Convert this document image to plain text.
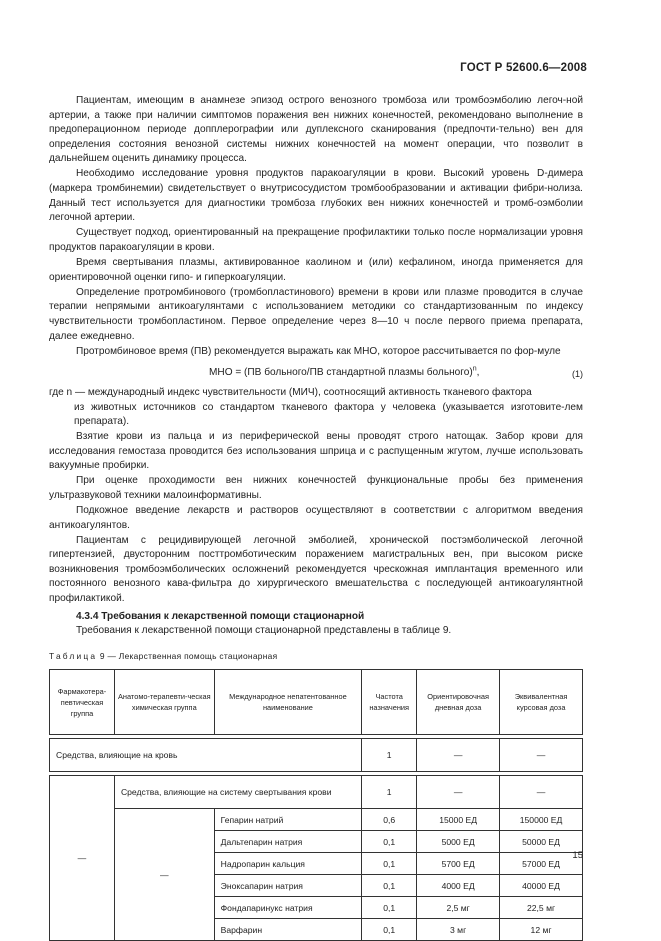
ГОСТ Р 52600.6—2008

Пациентам, имеющим в анамнезе эпизод острого венозного тромбоза или тромбоэмболию легоч-ной артерии, а также при наличии симптомов поражения вен нижних конечностей, рекомендовано выполнение в предоперационном периоде допплерографии или дуплексного сканирования (предпочти-тельно) вен для определения состояния венозной системы нижних конечностей на момент операции, что позволит в дальнейшем оценить динамику процесса.

Необходимо исследование уровня продуктов паракоагуляции в крови. Высокий уровень D-димера (маркера тромбинемии) свидетельствует о внутрисосудистом тромбообразовании и активации фибри-нолиза. Данный тест используется для диагностики тромбоза глубоких вен нижних конечностей и тромб-оэмболии легочной артерии.

Существует подход, ориентированный на прекращение профилактики только после нормализации уровня продуктов паракоагуляции в крови.

Время свертывания плазмы, активированное каолином и (или) кефалином, иногда применяется для ориентировочной оценки гипо- и гиперкоагуляции.

Определение протромбинового (тромбопластинового) времени в крови или плазме проводится в случае терапии непрямыми антикоагулянтами с использованием методики со стандартизованным по индексу чувствительности тромбопластином. Первое определение через 8—10 ч после первого приема препарата, далее ежедневно.

Протромбиновое время (ПВ) рекомендуется выражать как МНО, которое рассчитывается по фор-муле

МНО = (ПВ больного/ПВ стандартной плазмы больного)$^n$,	(1)

где n — международный индекс чувствительности (МИЧ), соотносящий активность тканевого фактора

из животных источников со стандартом тканевого фактора у человека (указывается изготовите-лем препарата).

Взятие крови из пальца и из периферической вены проводят строго натощак. Забор крови для исследования гемостаза проводится без использования шприца и с распущенным жгутом, лучше использовать вакуумные пробирки.

При оценке проходимости вен нижних конечностей функциональные пробы без применения ультразвуковой техники малоинформативны.

Подкожное введение лекарств и растворов осуществляют в соответствии с алгоритмом введения антикоагулянтов.

Пациентам с рецидивирующей легочной эмболией, хронической постэмболической легочной гипертензией, двусторонним посттромботическим поражением магистральных вен, при высоком риске возникновения тромбоэмболических осложнений рекомендуется чрескожная имплантация временного или постоянного венозного кава-фильтра до хирургического вмешательства с последующей антикоагулянтной профилактикой.

4.3.4 Требования к лекарственной помощи стационарной

Требования к лекарственной помощи стационарной представлены в таблице 9.

Таблица 9 — Лекарственная помощь стационарная
Фармакотера-певтическая группа	Анатомо-терапевти-ческая химическая группа	Международное непатентованное наименование	Частота назначения	Ориентировочная дневная доза	Эквивалентная курсовая доза

Средства, влияющие на кровь			1	—	—

—	Средства, влияющие на систему свертывания крови		1	—	—
	—	Гепарин натрий	0,6	15000 ЕД	150000 ЕД
		Дальтепарин натрия	0,1	5000 ЕД	50000 ЕД
		Надропарин кальция	0,1	5700 ЕД	57000 ЕД
		Эноксапарин натрия	0,1	4000 ЕД	40000 ЕД
		Фондапаринукс натрия	0,1	2,5 мг	22,5 мг
		Варфарин	0,1	3 мг	12 мг
15
